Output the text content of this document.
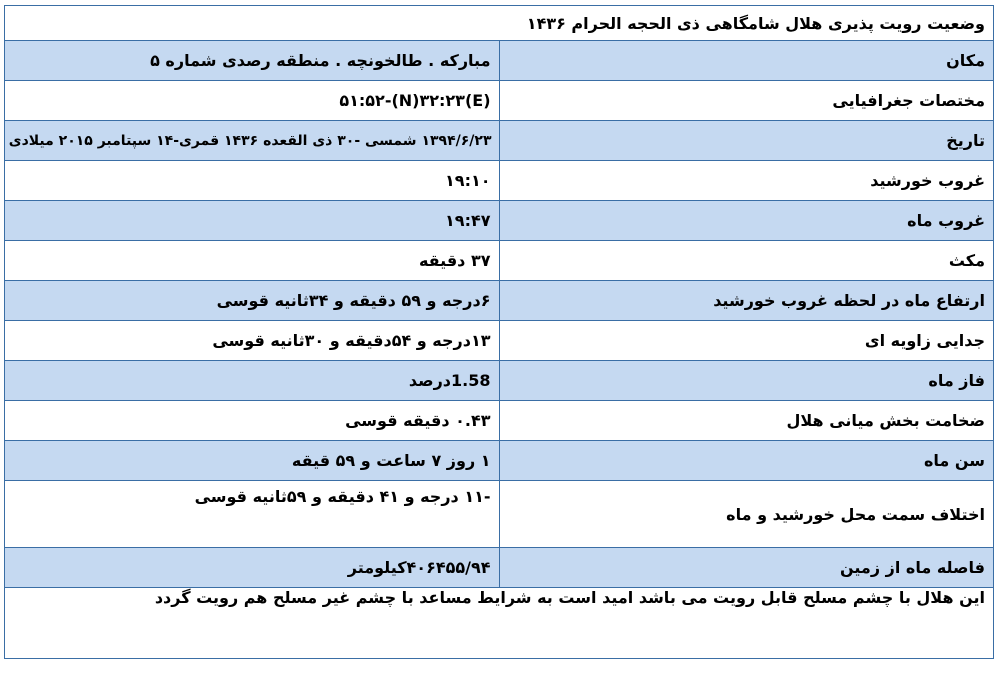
وضعیت رویت پذیری هلال شامگاهی ذی الحجه الحرام ۱۴۳۶	
مکان	مبارکه . طالخونچه . منطقه رصدی شماره ۵
مختصات جغرافیایی	(E)۵۱:۵۲-(N)۳۲:۲۳
تاریخ	۱۳۹۴/۶/۲۳ شمسی -۳۰ ذی القعده ۱۴۳۶ قمری-۱۴ سپتامبر ۲۰۱۵ میلادی
غروب خورشید	۱۹:۱۰
غروب ماه	۱۹:۴۷
مکث	۳۷ دقیقه
ارتفاع ماه در لحظه غروب خورشید	۶درجه و ۵۹ دقیقه و ۳۴ثانیه قوسی
جدایی زاویه ای	۱۳درجه و ۵۴دقیقه و ۳۰ثانیه قوسی
فاز ماه	1.58درصد
ضخامت بخش میانی هلال	۰.۴۳ دقیقه قوسی
سن ماه	۱ روز ۷ ساعت و ۵۹ قیقه
اختلاف سمت محل خورشید و ماه	-۱۱ درجه و ۴۱ دقیقه و ۵۹ثانیه قوسی
فاصله ماه از زمین	۴۰۶۴۵۵/۹۴کیلومتر
این هلال با چشم مسلح قابل رویت می باشد امید است به شرایط مساعد با چشم غیر مسلح هم رویت گردد	
